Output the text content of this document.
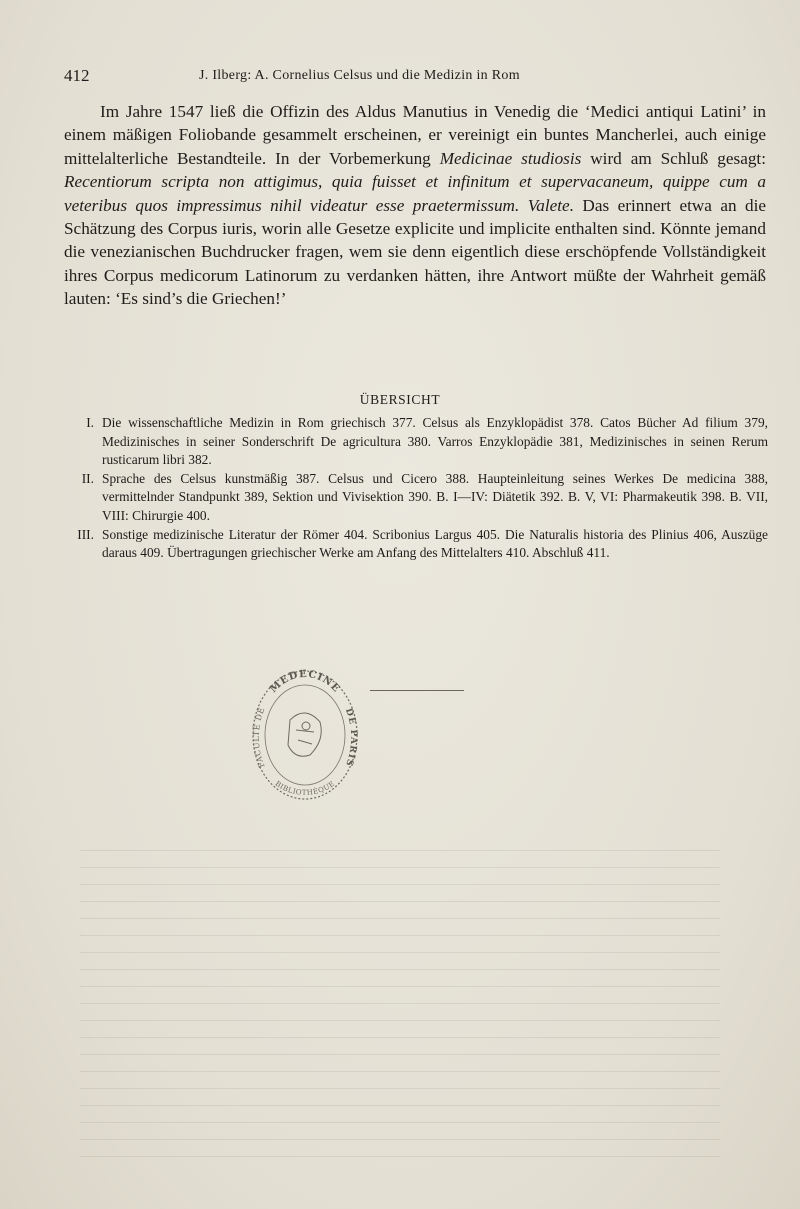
412	J. Ilberg: A. Cornelius Celsus und die Medizin in Rom
Im Jahre 1547 ließ die Offizin des Aldus Manutius in Venedig die ‘Medici antiqui Latini’ in einem mäßigen Foliobande gesammelt erscheinen, er vereinigt ein buntes Mancherlei, auch einige mittelalterliche Bestandteile. In der Vorbemerkung Medicinae studiosis wird am Schluß gesagt: Recentiorum scripta non attigimus, quia fuisset et infinitum et supervacaneum, quippe cum a veteribus quos impressimus nihil videatur esse praetermissum. Valete. Das erinnert etwa an die Schätzung des Corpus iuris, worin alle Gesetze explicite und implicite enthalten sind. Könnte jemand die venezianischen Buchdrucker fragen, wem sie denn eigentlich diese erschöpfende Vollständigkeit ihres Corpus medicorum Latinorum zu verdanken hätten, ihre Antwort müßte der Wahrheit gemäß lauten: ‘Es sind’s die Griechen!’
ÜBERSICHT
I. Die wissenschaftliche Medizin in Rom griechisch 377. Celsus als Enzyklopädist 378. Catos Bücher Ad filium 379, Medizinisches in seiner Sonderschrift De agricultura 380. Varros Enzyklopädie 381, Medizinisches in seinen Rerum rusticarum libri 382.
II. Sprache des Celsus kunstmäßig 387. Celsus und Cicero 388. Haupteinleitung seines Werkes De medicina 388, vermittelnder Standpunkt 389, Sektion und Vivisektion 390. B. I—IV: Diätetik 392. B. V, VI: Pharmakeutik 398. B. VII, VIII: Chirurgie 400.
III. Sonstige medizinische Literatur der Römer 404. Scribonius Largus 405. Die Naturalis historia des Plinius 406, Auszüge daraus 409. Übertragungen griechischer Werke am Anfang des Mittelalters 410. Abschluß 411.
MEDECINE
DE PARIS
FACULTÉ DE
BIBLIOTHÈQUE
